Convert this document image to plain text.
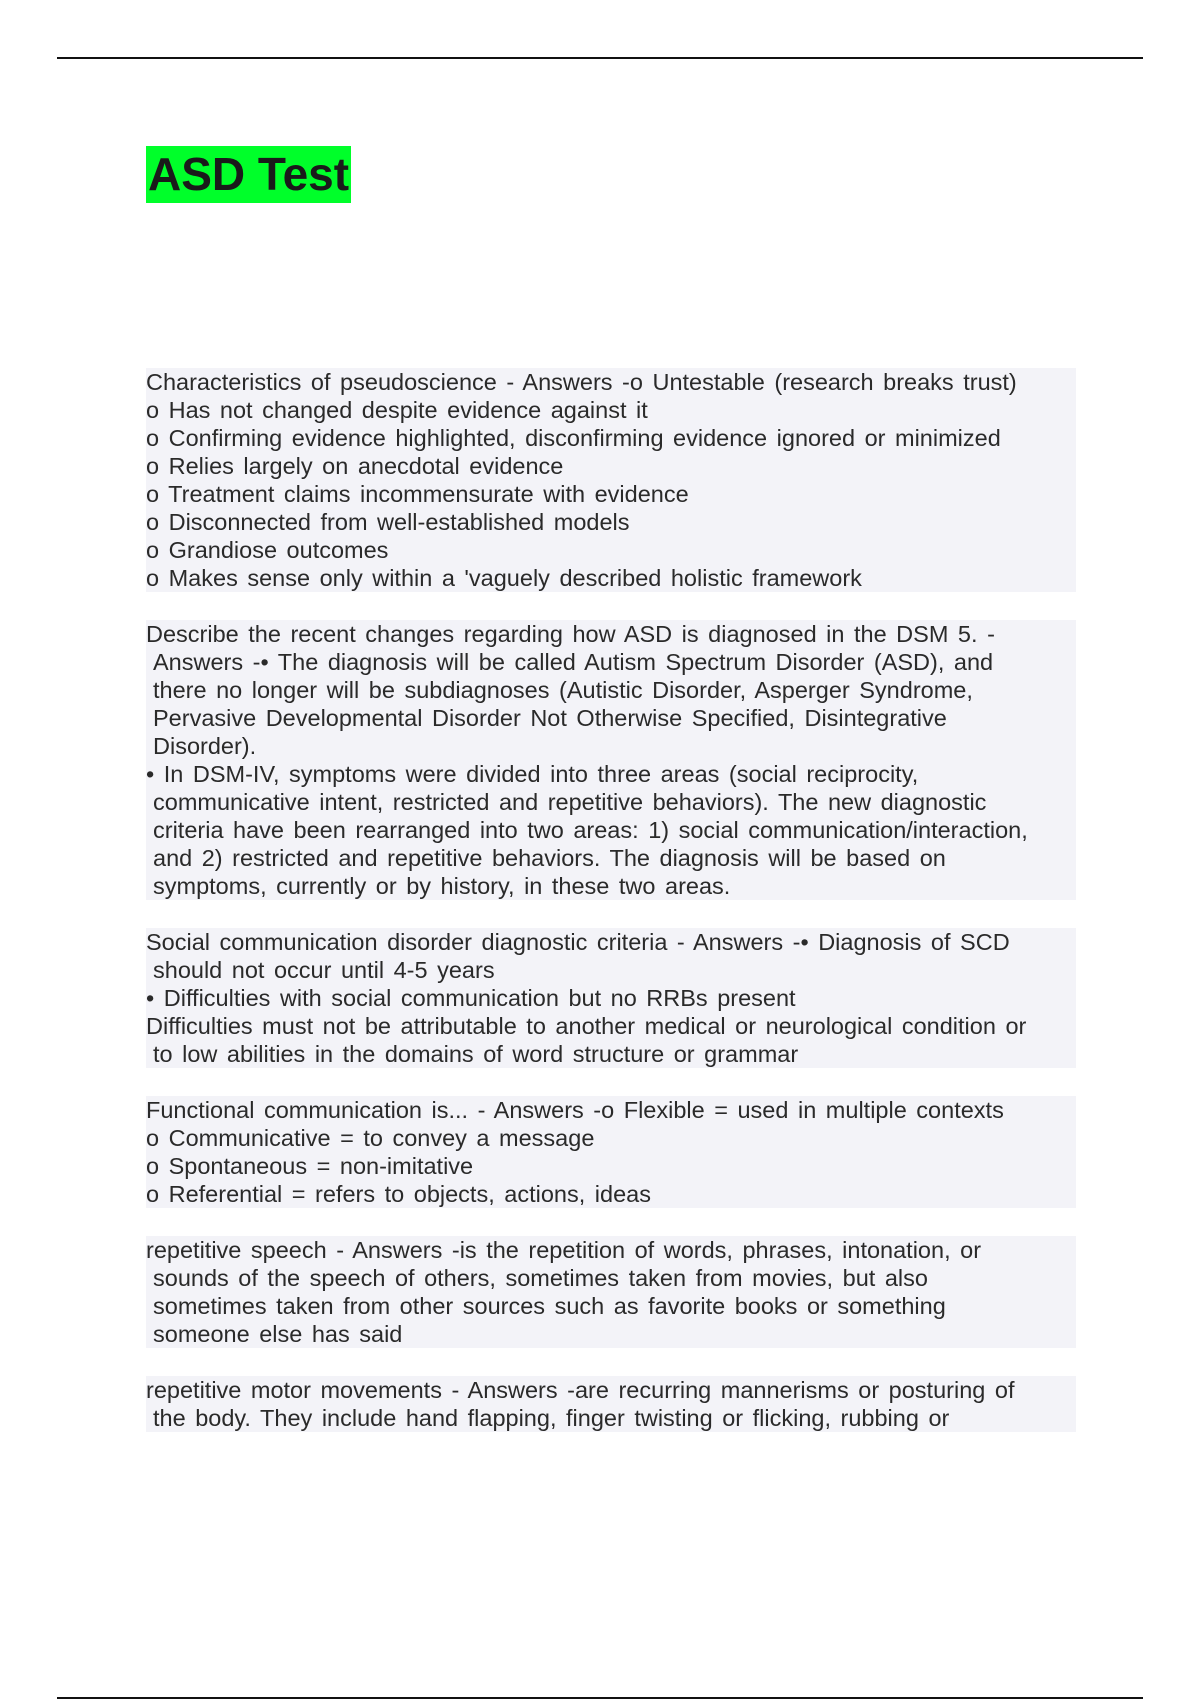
ASD Test
Characteristics of pseudoscience - Answers -o Untestable (research breaks trust)
o Has not changed despite evidence against it
o Confirming evidence highlighted, disconfirming evidence ignored or minimized
o Relies largely on anecdotal evidence
o Treatment claims incommensurate with evidence
o Disconnected from well-established models
o Grandiose outcomes
o Makes sense only within a 'vaguely described holistic framework
Describe the recent changes regarding how ASD is diagnosed in the DSM 5. -
Answers -• The diagnosis will be called Autism Spectrum Disorder (ASD), and
there no longer will be subdiagnoses (Autistic Disorder, Asperger Syndrome,
Pervasive Developmental Disorder Not Otherwise Specified, Disintegrative
Disorder).
• In DSM-IV, symptoms were divided into three areas (social reciprocity,
communicative intent, restricted and repetitive behaviors). The new diagnostic
criteria have been rearranged into two areas: 1) social communication/interaction,
and 2) restricted and repetitive behaviors. The diagnosis will be based on
symptoms, currently or by history, in these two areas.
Social communication disorder diagnostic criteria - Answers -• Diagnosis of SCD
should not occur until 4-5 years
• Difficulties with social communication but no RRBs present
Difficulties must not be attributable to another medical or neurological condition or
to low abilities in the domains of word structure or grammar
Functional communication is... - Answers -o Flexible = used in multiple contexts
o Communicative = to convey a message
o Spontaneous = non-imitative
o Referential = refers to objects, actions, ideas
repetitive speech - Answers -is the repetition of words, phrases, intonation, or
sounds of the speech of others, sometimes taken from movies, but also
sometimes taken from other sources such as favorite books or something
someone else has said
repetitive motor movements - Answers -are recurring mannerisms or posturing of
the body. They include hand flapping, finger twisting or flicking, rubbing or
